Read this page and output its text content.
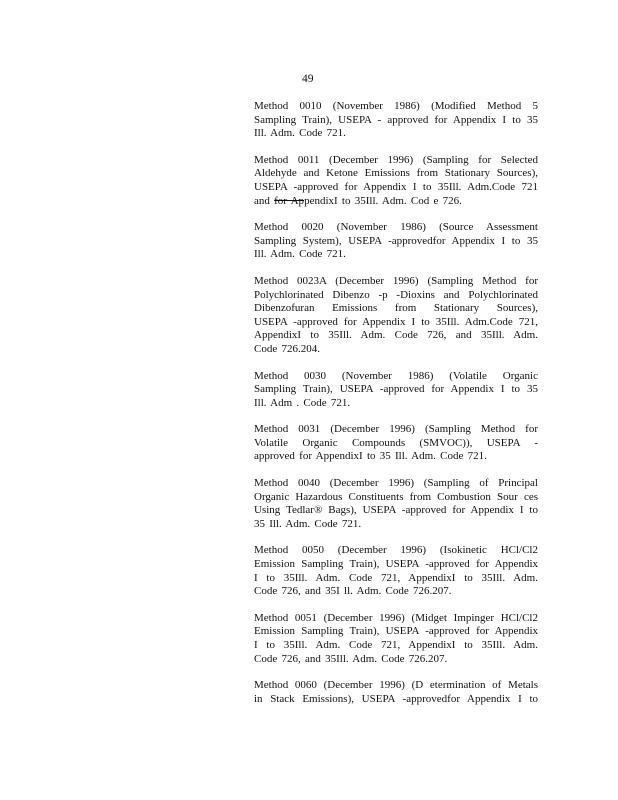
49

Method 0010 (November 1986) (Modified Method 5
Sampling Train), USEPA - approved for Appendix I to 35
Ill. Adm. Code 721.

Method 0011 (December 1996) (Sampling for Selected
Aldehyde and Ketone Emissions from Stationary Sources),
USEPA -approved for Appendix I to 35Ill. Adm.Code 721
and for AppendixI to 35Ill. Adm. Cod e 726.

Method 0020 (November 1986) (Source Assessment
Sampling System), USEPA -approvedfor Appendix I to 35
Ill. Adm. Code 721.

Method 0023A (December 1996) (Sampling Method for
Polychlorinated Dibenzo -p -Dioxins and Polychlorinated
Dibenzofuran Emissions from Stationary Sources),
USEPA -approved for Appendix I to 35Ill. Adm.Code 721,
AppendixI to 35Ill. Adm. Code 726, and 35Ill. Adm.
Code 726.204.

Method 0030 (November 1986) (Volatile Organic
Sampling Train), USEPA -approved for Appendix I to 35
Ill. Adm . Code 721.

Method 0031 (December 1996) (Sampling Method for
Volatile Organic Compounds (SMVOC)), USEPA -
approved for AppendixI to 35 Ill. Adm. Code 721.

Method 0040 (December 1996) (Sampling of Principal
Organic Hazardous Constituents from Combustion Sour ces
Using Tedlar® Bags), USEPA -approved for Appendix I to
35 Ill. Adm. Code 721.

Method 0050 (December 1996) (Isokinetic HCl/Cl2
Emission Sampling Train), USEPA -approved for Appendix
I to 35Ill. Adm. Code 721, AppendixI to 35Ill. Adm.
Code 726, and 35I ll. Adm. Code 726.207.

Method 0051 (December 1996) (Midget Impinger HCl/Cl2
Emission Sampling Train), USEPA -approved for Appendix
I to 35Ill. Adm. Code 721, AppendixI to 35Ill. Adm.
Code 726, and 35Ill. Adm. Code 726.207.

Method 0060 (December 1996) (D etermination of Metals
in Stack Emissions), USEPA -approvedfor Appendix I to
